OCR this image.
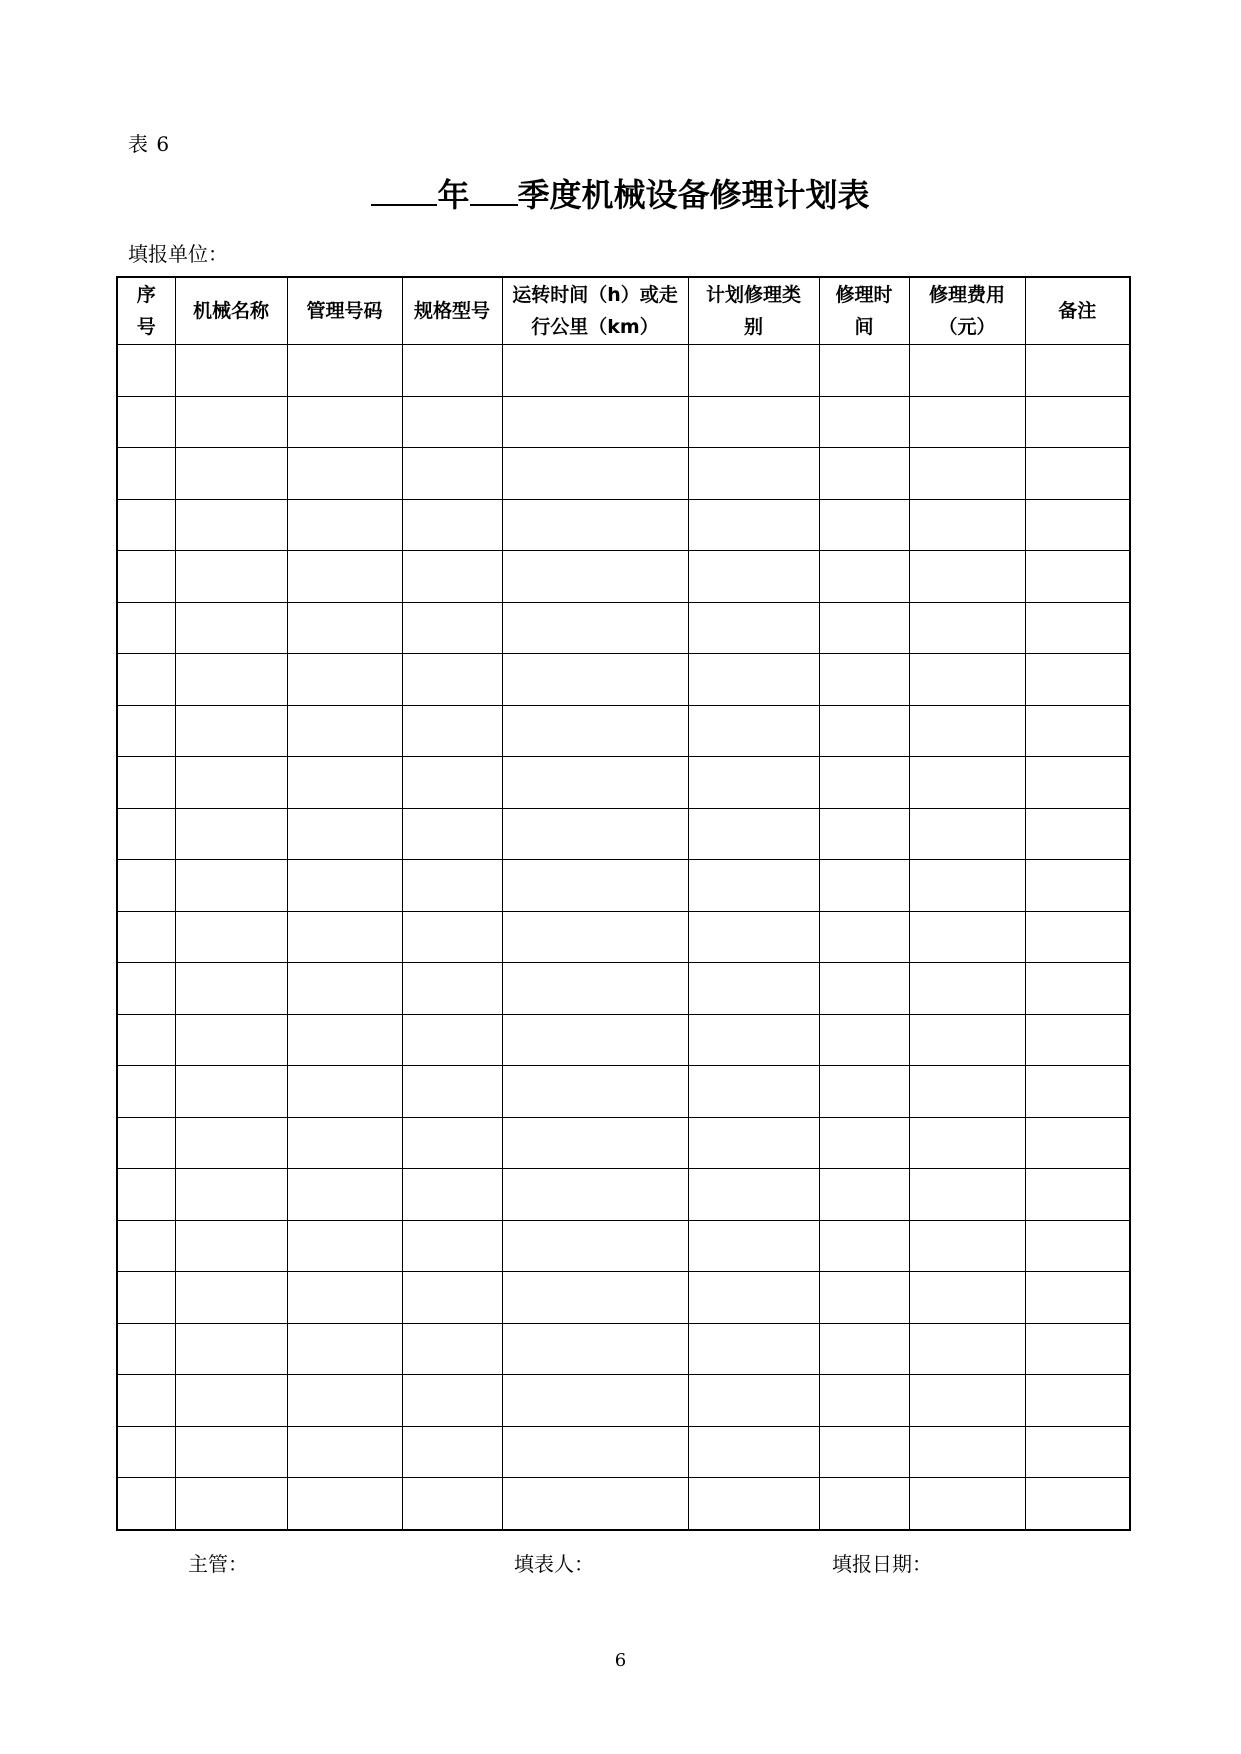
表 6
年 季度机械设备修理计划表
填报单位：
序号	机械名称	管理号码	规格型号	运转时间（h）或走行公里（km）	计划修理类别	修理时间	修理费用（元）	备注

主管：	填表人：	填报日期：
6
